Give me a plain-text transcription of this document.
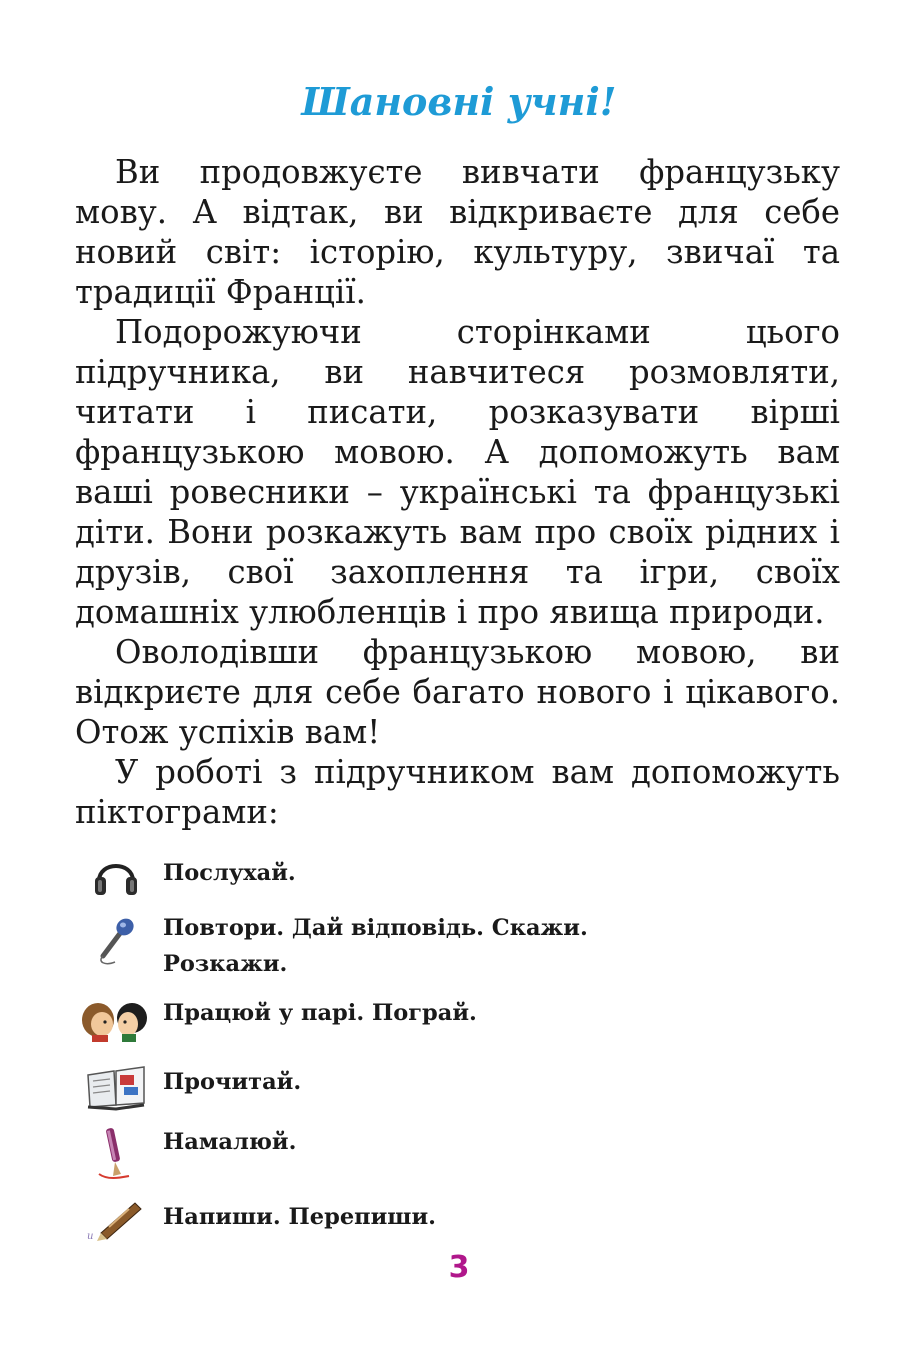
Шановні учні!

Ви продовжуєте вивчати французьку мову. А відтак, ви відкриваєте для себе новий світ: історію, культуру, звичаї та традиції Франції.

Подорожуючи сторінками цього підручника, ви навчитеся розмовляти, читати і писати, розказувати вірші французькою мовою. А допоможуть вам ваші ровесники – українські та французькі діти. Вони розкажуть вам про своїх рідних і друзів, свої захоплення та ігри, своїх домашніх улюбленців і про явища природи.

Оволодівши французькою мовою, ви відкриєте для себе багато нового і цікавого. Отож успіхів вам!

У роботі з підручником вам допоможуть піктограми:

Послухай.
Повтори. Дай відповідь. Скажи. Розкажи.
Працюй у парі. Пограй.
Прочитай.
Намалюй.
u
Напиши. Перепиши.
3
